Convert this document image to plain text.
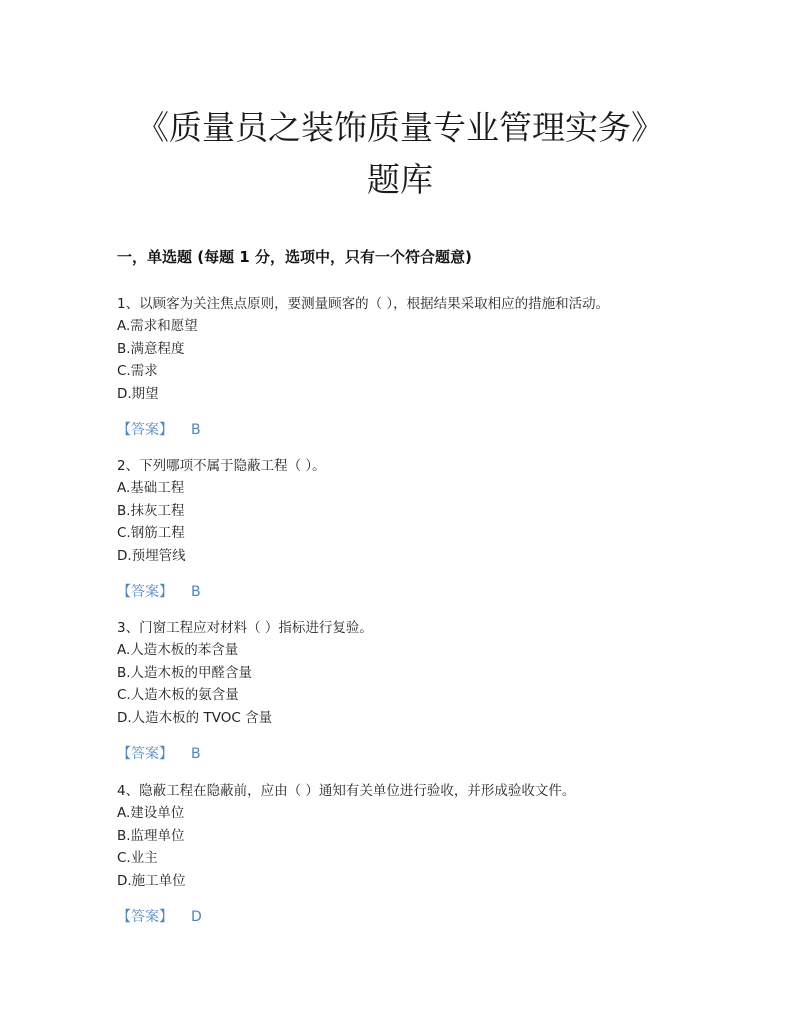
《质量员之装饰质量专业管理实务》
题库
一，单选题 (每题 1 分，选项中，只有一个符合题意)
1、以顾客为关注焦点原则，要测量顾客的（ ），根据结果采取相应的措施和活动。
A.需求和愿望
B.满意程度
C.需求
D.期望
【答案】 B
2、下列哪项不属于隐蔽工程（ ）。
A.基础工程
B.抹灰工程
C.钢筋工程
D.预埋管线
【答案】 B
3、门窗工程应对材料（ ）指标进行复验。
A.人造木板的苯含量
B.人造木板的甲醛含量
C.人造木板的氨含量
D.人造木板的 TVOC 含量
【答案】 B
4、隐蔽工程在隐蔽前，应由（ ）通知有关单位进行验收，并形成验收文件。
A.建设单位
B.监理单位
C.业主
D.施工单位
【答案】 D
